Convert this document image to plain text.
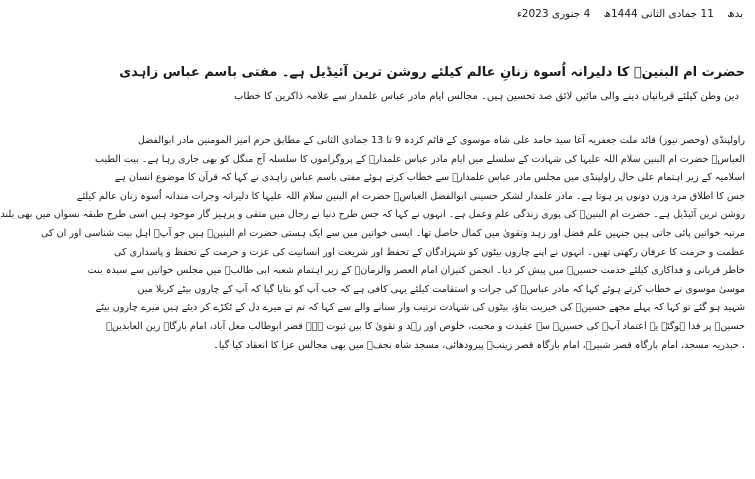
بدھ 11 جمادی الثانی 1444ھ 4 جنوری 2023ء
حضرت ام البنینؑ کا دلیرانہ اُسوہ زنانِ عالم کیلئے روشن ترین آئیڈیل ہے۔ مفتی باسم عباس زاہدی
دین وطن کیلئے قربانیاں دینے والی مائیں لائق صد تحسین ہیں۔ مجالس ایام مادر عباس علمدار سے علامہ ذاکرین کا خطاب
راولپنڈی (وحصر نیوز) قائد ملت جعفریہ آغا سید حامد علی شاہ موسوی کے قائم کردہ 9 تا 13 جمادی الثانی کے مطابق حرم امیر المومنین مادر ابوالفضل
العباسؑ حضرت ام البنین سلام اللہ علیہا کی شہادت کے سلسلے میں ایام مادر عباس علمدارؑ کے پروگراموں کا سلسلہ آج منگل کو بھی جاری رہا ہے۔ بیت الطیب
اسلامیہ کے زیر اہتمام علی حال راولپنڈی میں مجلس مادر عباس علمدارؑ سے خطاب کرتے ہوئے مفتی باسم عباس زاہدی نے کہا کہ قرآن کا موضوع انسان ہے
جس کا اطلاق مرد وزن دونوں پر ہوتا ہے۔ مادر علمدار لشکر حسینی ابوالفضل العباسؑ حضرت ام البنین سلام اللہ علیہا کا دلیرانہ وجرات مندانہ اُسوہ زنان عالم کیلئے
روشن ترین آئیڈیل ہے۔ حضرت ام البنینؑ کی پوری زندگی علم وعمل ہے۔ انہوں نے کہا کہ جس طرح دنیا نے رجال میں متقی و پرہیز گار موجود ہیں اسی طرح طبقہ نسواں میں بھی بلند
مرتبہ خواتین پائی جاتی ہیں جنہیں علم فضل اور زہد وتقویٰ میں کمال حاصل تھا۔ ایسی خواتین میں سے ایک ہستی حضرت ام البنینؑ ہیں جو آپؑ اہل بیت شناسی اور ان کی
عظمت و حرمت کا عرفان رکھتی تھیں۔ انہوں نے اپنے چاروں بیٹوں کو شہزادگان کے تحفظ اور شریعت اور انسانیت کی عزت و حرمت کے تحفظ و پاسداری کی
خاطر قربانی و فداکاری کیلئے خدمت حسینؑ میں پیش کر دیا۔ انجمن کنیزان امام العصر والزمانؑ کے زیر اہتمام شعبہ ابی طالبؑ میں مجلس خواتین سے سیدہ بنت
موسیٰ موسوی نے خطاب کرتے ہوئے کہا کہ مادر عباسؑ کی جرات و استقامت کیلئے یہی کافی ہے کہ جب آپ کو بتایا گیا کہ آپ کے چاروں بیٹے کربلا میں
شہید ہو گئے تو کہا کہ پہلے مجھے حسینؑ کی خیریت بتاؤ، بیٹوں کی شہادت ترتیب وار سنانے والے سے کہا کہ تم نے میرے دل کے ٹکڑے کر دیئے ہیں میرے چاروں بیٹے
حسینؑ پر فدا ہوگئے یہ اعتماد آپؑ کی حسینؑ سے عقیدت و محبت، خلوص اور زہد و تقویٰ کا بین ثبوت ہے۔ قصر ابوطالب مغل آباد، امام بارگاہ زین العابدینؑ
، حیدریہ مسجد، امام بارگاہ قصر شبیرؑ، امام بارگاہ قصر زینبؑ پیرودھائی، مسجد شاہ نجفؑ میں بھی مجالس عزا کا انعقاد کیا گیا۔
